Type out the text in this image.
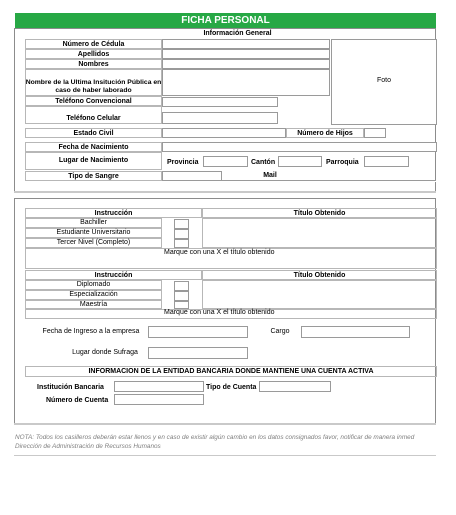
FICHA PERSONAL
Información General
Número de Cédula
Apellidos
Nombres
Nombre de la Ultima Insitución Pública en caso de haber laborado
Teléfono Convencional
Teléfono Celular
Foto
Estado Civil	Número de Hijos
Fecha de Nacimiento
Lugar de Nacimiento	Provincia	Cantón	Parroquia
Tipo de Sangre	Mail
Instrucción	Título Obtenido
Bachiller
Estudiante Universitario
Tercer Nivel (Completo)
Marque con una X el título obtenido
Instrucción	Título Obtenido
Diplomado
Especialización
Maestría
Marque con una X el título obtenido
Fecha de Ingreso a la empresa	Cargo
Lugar donde Sufraga
INFORMACION DE LA ENTIDAD BANCARIA DONDE MANTIENE UNA CUENTA ACTIVA
Institución Bancaria	Tipo de Cuenta
Número de Cuenta
NOTA: Todos los casilleros deberán estar llenos y en caso de existir algún cambio en los datos consignados favor, notificar de manera inmed
Dirección de Administración de Recursos Humanos
